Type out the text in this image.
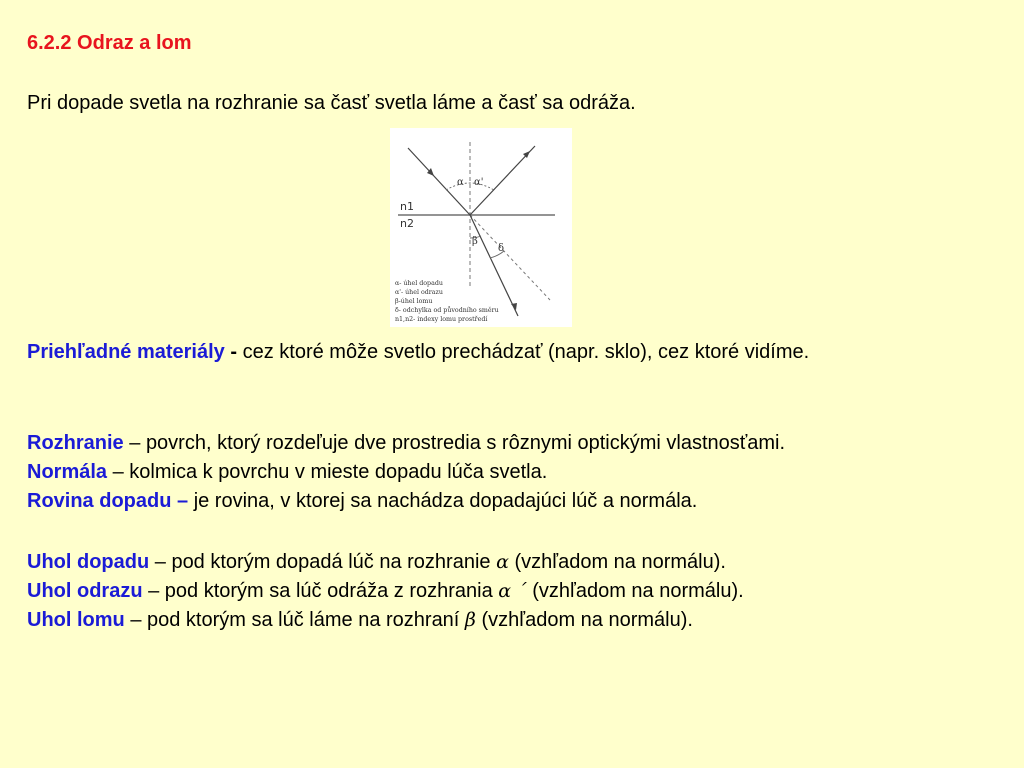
6.2.2 Odraz a lom
Pri dopade svetla na rozhranie sa časť svetla láme a časť sa odráža.
α α'
β
δ
n1
n2
α- úhel dopadu
α'- úhel odrazu
β-úhel lomu
δ- odchylka od původního směru
n1,n2- indexy lomu prostředí
Priehľadné materiály - cez ktoré môže svetlo prechádzať (napr. sklo), cez ktoré vidíme.
Rozhranie – povrch, ktorý rozdeľuje dve prostredia s rôznymi optickými vlastnosťami.
Normála – kolmica k povrchu v mieste dopadu lúča svetla.
Rovina dopadu – je rovina, v ktorej sa nachádza dopadajúci lúč a normála.
Uhol dopadu – pod ktorým dopadá lúč na rozhranie α (vzhľadom na normálu).
Uhol odrazu – pod ktorým sa lúč odráža z rozhrania α ´ (vzhľadom na normálu).
Uhol lomu – pod ktorým sa lúč láme na rozhraní β (vzhľadom na normálu).
